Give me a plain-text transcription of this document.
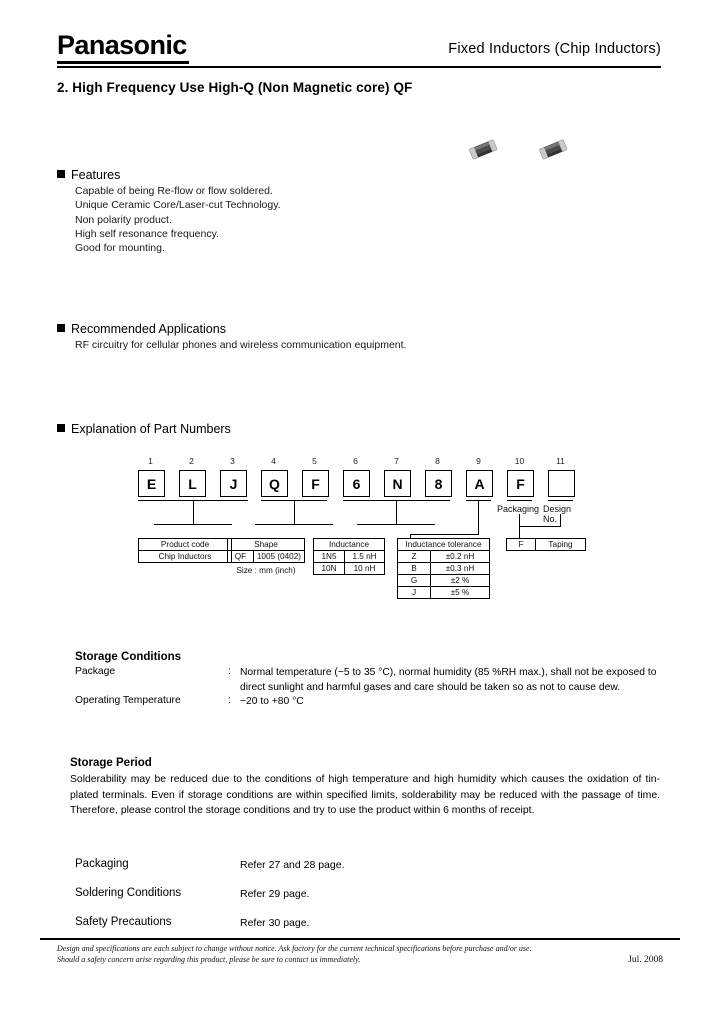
Panasonic	Fixed Inductors (Chip Inductors)
2. High Frequency Use High-Q (Non Magnetic core) QF
Features
Capable of being Re-flow or flow soldered.
Unique Ceramic Core/Laser-cut Technology.
Non polarity product.
High self resonance frequency.
Good for mounting.
Recommended Applications
RF circuitry for cellular phones and wireless communication equipment.
Explanation of Part Numbers
1	2	3	4	5	6	7	8	9	10	11
E	L	J	Q	F	6	N	8	A	F
Packaging Design No.
Product code
Chip Inductors
Shape
QF	1005 (0402)
Size : mm (inch)
Inductance	
1N5	1.5 nH
10N	10 nH
Inductance tolerance	
Z	±0.2 nH
B	±0.3 nH
G	±2 %
J	±5 %
F	Taping
Storage Conditions
Package	: Normal temperature (−5 to 35 °C), normal humidity (85 %RH max.), shall not be exposed to direct sunlight and harmful gases and care should be taken so as not to cause dew.
Operating Temperature	: −20 to +80 °C
Storage Period
Solderability may be reduced due to the conditions of high temperature and high humidity which causes the oxidation of tin-plated terminals. Even if storage conditions are within specified limits, solderability may be reduced with the passage of time. Therefore, please control the storage conditions and try to use the product within 6 months of receipt.
Packaging	Refer 27 and 28 page.
Soldering Conditions	Refer 29 page.
Safety Precautions	Refer 30 page.
Design and specifications are each subject to change without notice. Ask factory for the current technical specifications before purchase and/or use.
Should a safety concern arise regarding this product, please be sure to contact us immediately.	Jul. 2008
